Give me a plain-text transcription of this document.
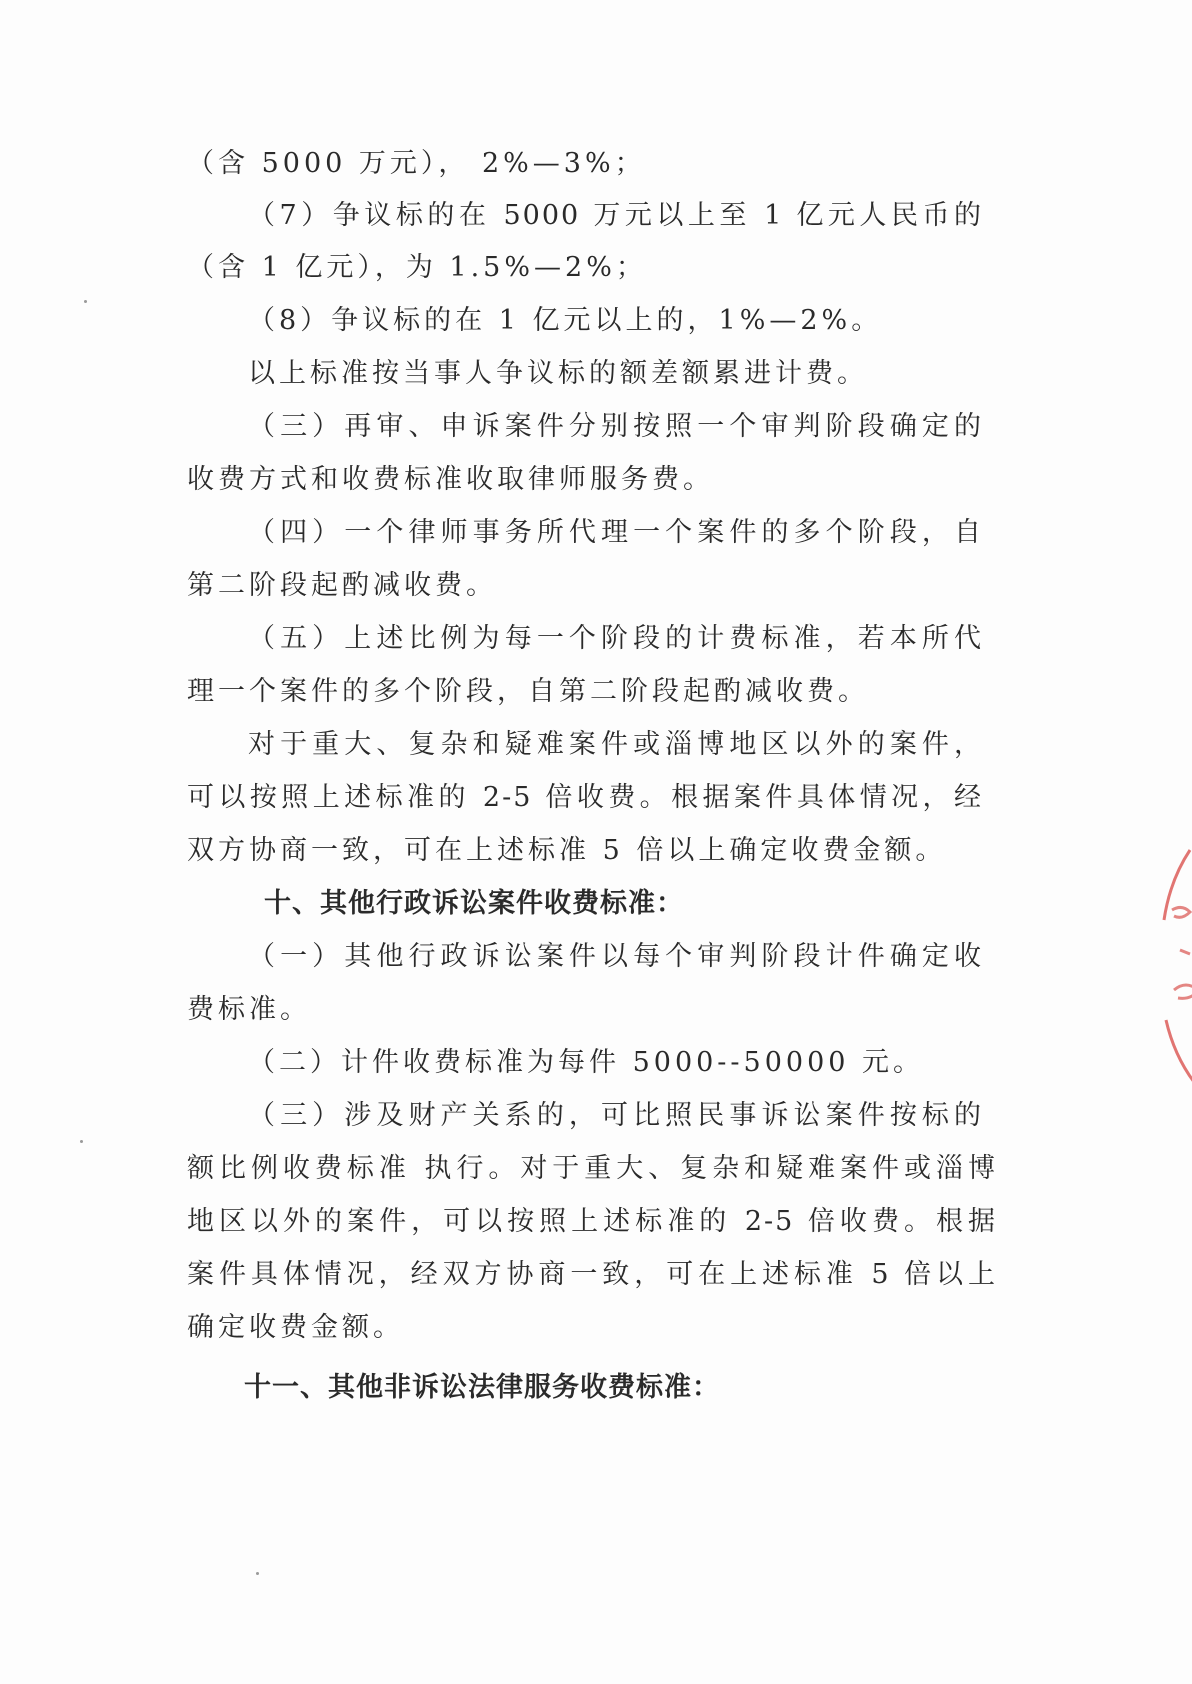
（含 5000 万元）， 2%—3%；
（7）争议标的在 5000 万元以上至 1 亿元人民币的
（含 1 亿元），为 1.5%—2%；
（8）争议标的在 1 亿元以上的，1%—2%。
以上标准按当事人争议标的额差额累进计费。
（三）再审、申诉案件分别按照一个审判阶段确定的
收费方式和收费标准收取律师服务费。
（四）一个律师事务所代理一个案件的多个阶段，自
第二阶段起酌减收费。
（五）上述比例为每一个阶段的计费标准，若本所代
理一个案件的多个阶段，自第二阶段起酌减收费。
对于重大、复杂和疑难案件或淄博地区以外的案件，
可以按照上述标准的 2-5 倍收费。根据案件具体情况，经
双方协商一致，可在上述标准 5 倍以上确定收费金额。
十、其他行政诉讼案件收费标准：
（一）其他行政诉讼案件以每个审判阶段计件确定收
费标准。
（二）计件收费标准为每件 5000--50000 元。
（三）涉及财产关系的，可比照民事诉讼案件按标的
额比例收费标准 执行。对于重大、复杂和疑难案件或淄博
地区以外的案件，可以按照上述标准的 2-5 倍收费。根据
案件具体情况，经双方协商一致，可在上述标准 5 倍以上
确定收费金额。
十一、其他非诉讼法律服务收费标准：
